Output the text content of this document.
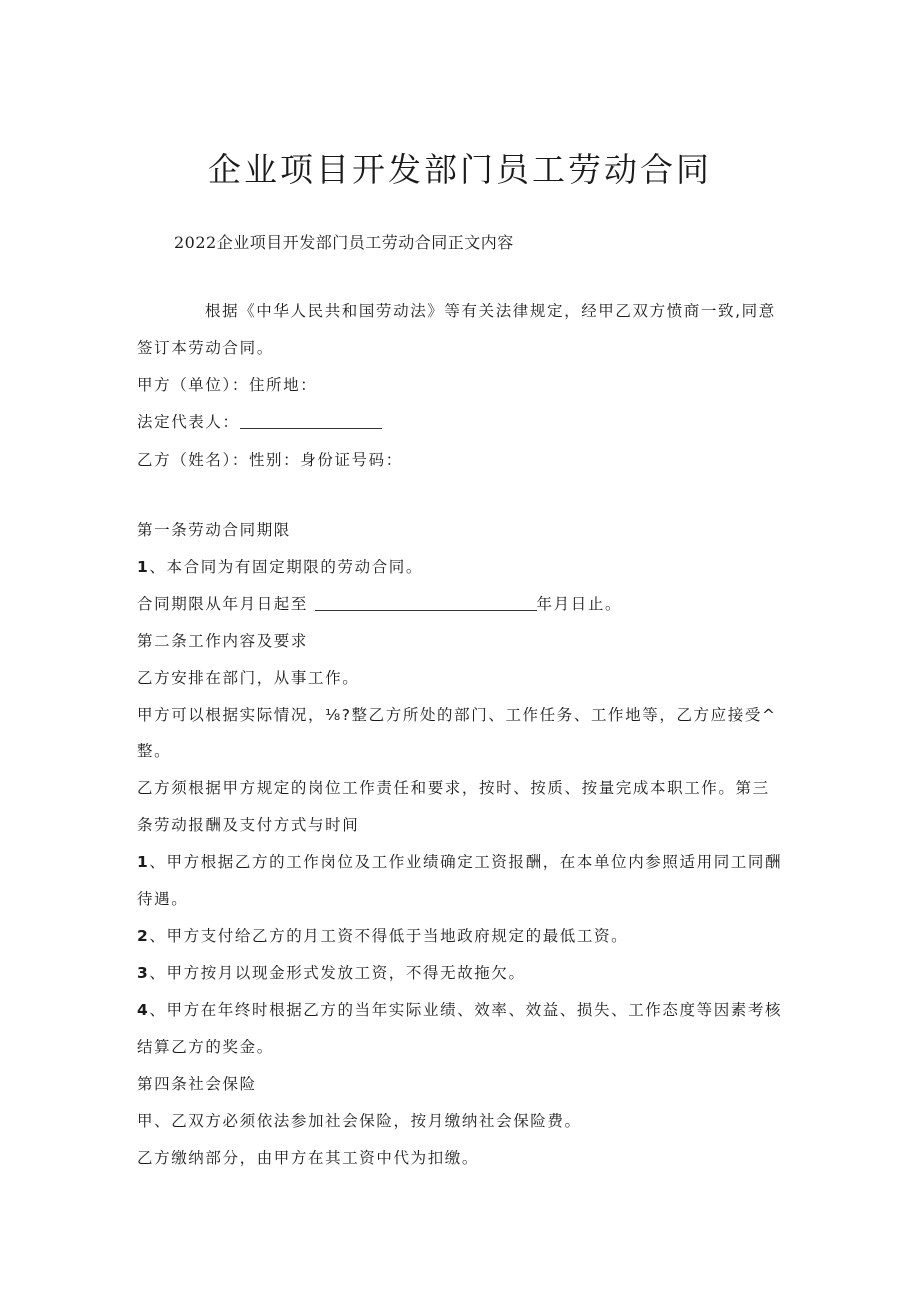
企业项目开发部门员工劳动合同
2022企业项目开发部门员工劳动合同正文内容
根据《中华人民共和国劳动法》等有关法律规定，经甲乙双方愤商一致,同意
签订本劳动合同。
甲方（单位）：住所地：
法定代表人：
乙方（姓名）：性别：身份证号码：
第一条劳动合同期限
1、本合同为有固定期限的劳动合同。
合同期限从年月日起至	年月日止。
第二条工作内容及要求
乙方安排在部门，从事工作。
甲方可以根据实际情况，⅛?整乙方所处的部门、工作任务、工作地等，乙方应接受^
整。
乙方须根据甲方规定的岗位工作责任和要求，按时、按质、按量完成本职工作。第三
条劳动报酬及支付方式与时间
1、甲方根据乙方的工作岗位及工作业绩确定工资报酬，在本单位内参照适用同工同酬
待遇。
2、甲方支付给乙方的月工资不得低于当地政府规定的最低工资。
3、甲方按月以现金形式发放工资，不得无故拖欠。
4、甲方在年终时根据乙方的当年实际业绩、效率、效益、损失、工作态度等因素考核
结算乙方的奖金。
第四条社会保险
甲、乙双方必须依法参加社会保险，按月缴纳社会保险费。
乙方缴纳部分，由甲方在其工资中代为扣缴。
